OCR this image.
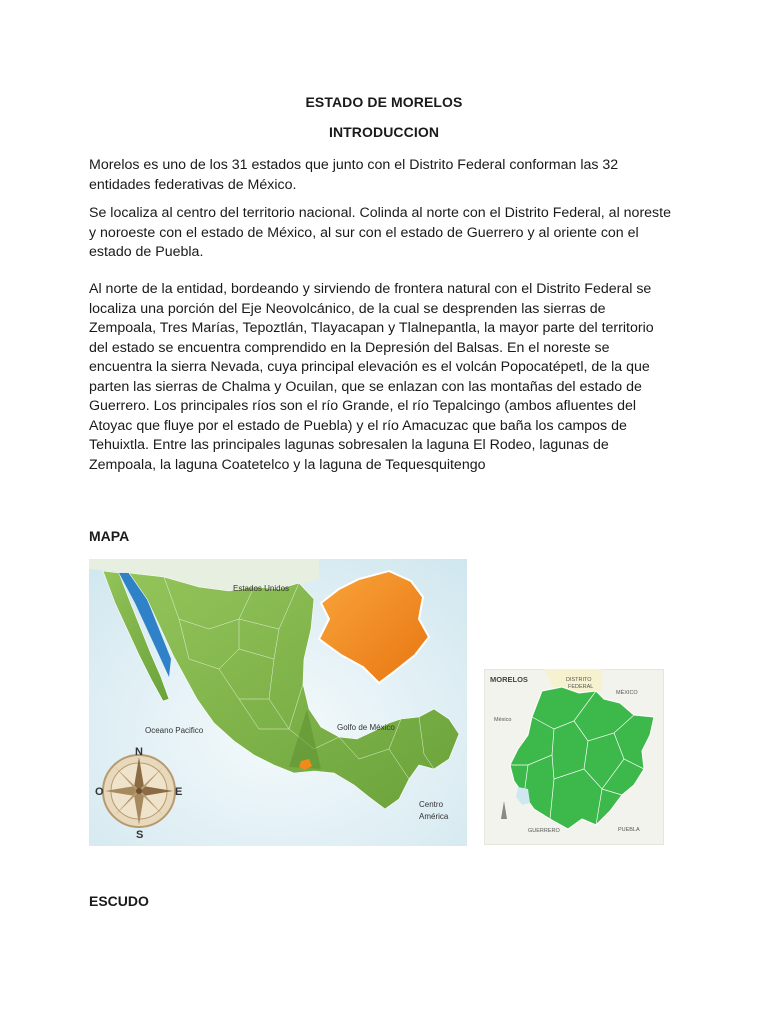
ESTADO DE MORELOS
INTRODUCCION
Morelos es uno de los 31 estados que junto con el Distrito Federal conforman las 32 entidades federativas de México.
Se localiza al centro del territorio nacional. Colinda al norte con el Distrito Federal, al noreste y noroeste con el estado de México, al sur con el estado de Guerrero y al oriente con el estado de Puebla.
Al norte de la entidad, bordeando y sirviendo de frontera natural con el Distrito Federal se localiza una porción del Eje Neovolcánico, de la cual se desprenden las sierras de Zempoala, Tres Marías, Tepoztlán, Tlayacapan y Tlalnepantla, la mayor parte del territorio del estado se encuentra comprendido en la Depresión del Balsas. En el noreste se encuentra la sierra Nevada, cuya principal elevación es el volcán Popocatépetl, de la que parten las sierras de Chalma y Ocuilan, que se enlazan con las montañas del estado de Guerrero. Los principales ríos son el río Grande, el río Tepalcingo (ambos afluentes del Atoyac que fluye por el estado de Puebla) y el río Amacuzac que baña los campos de Tehuixtla. Entre las principales lagunas sobresalen la laguna El Rodeo, lagunas de Zempoala, la laguna Coatetelco y la laguna de Tequesquitengo
MAPA
Estados Unidos
Oceano Pacifico	Golfo de México
Centro
América
N
S
O	E
MORELOS	DISTRITO
FEDERAL
MÉXICO
México
GUERRERO	PUEBLA
ESCUDO
